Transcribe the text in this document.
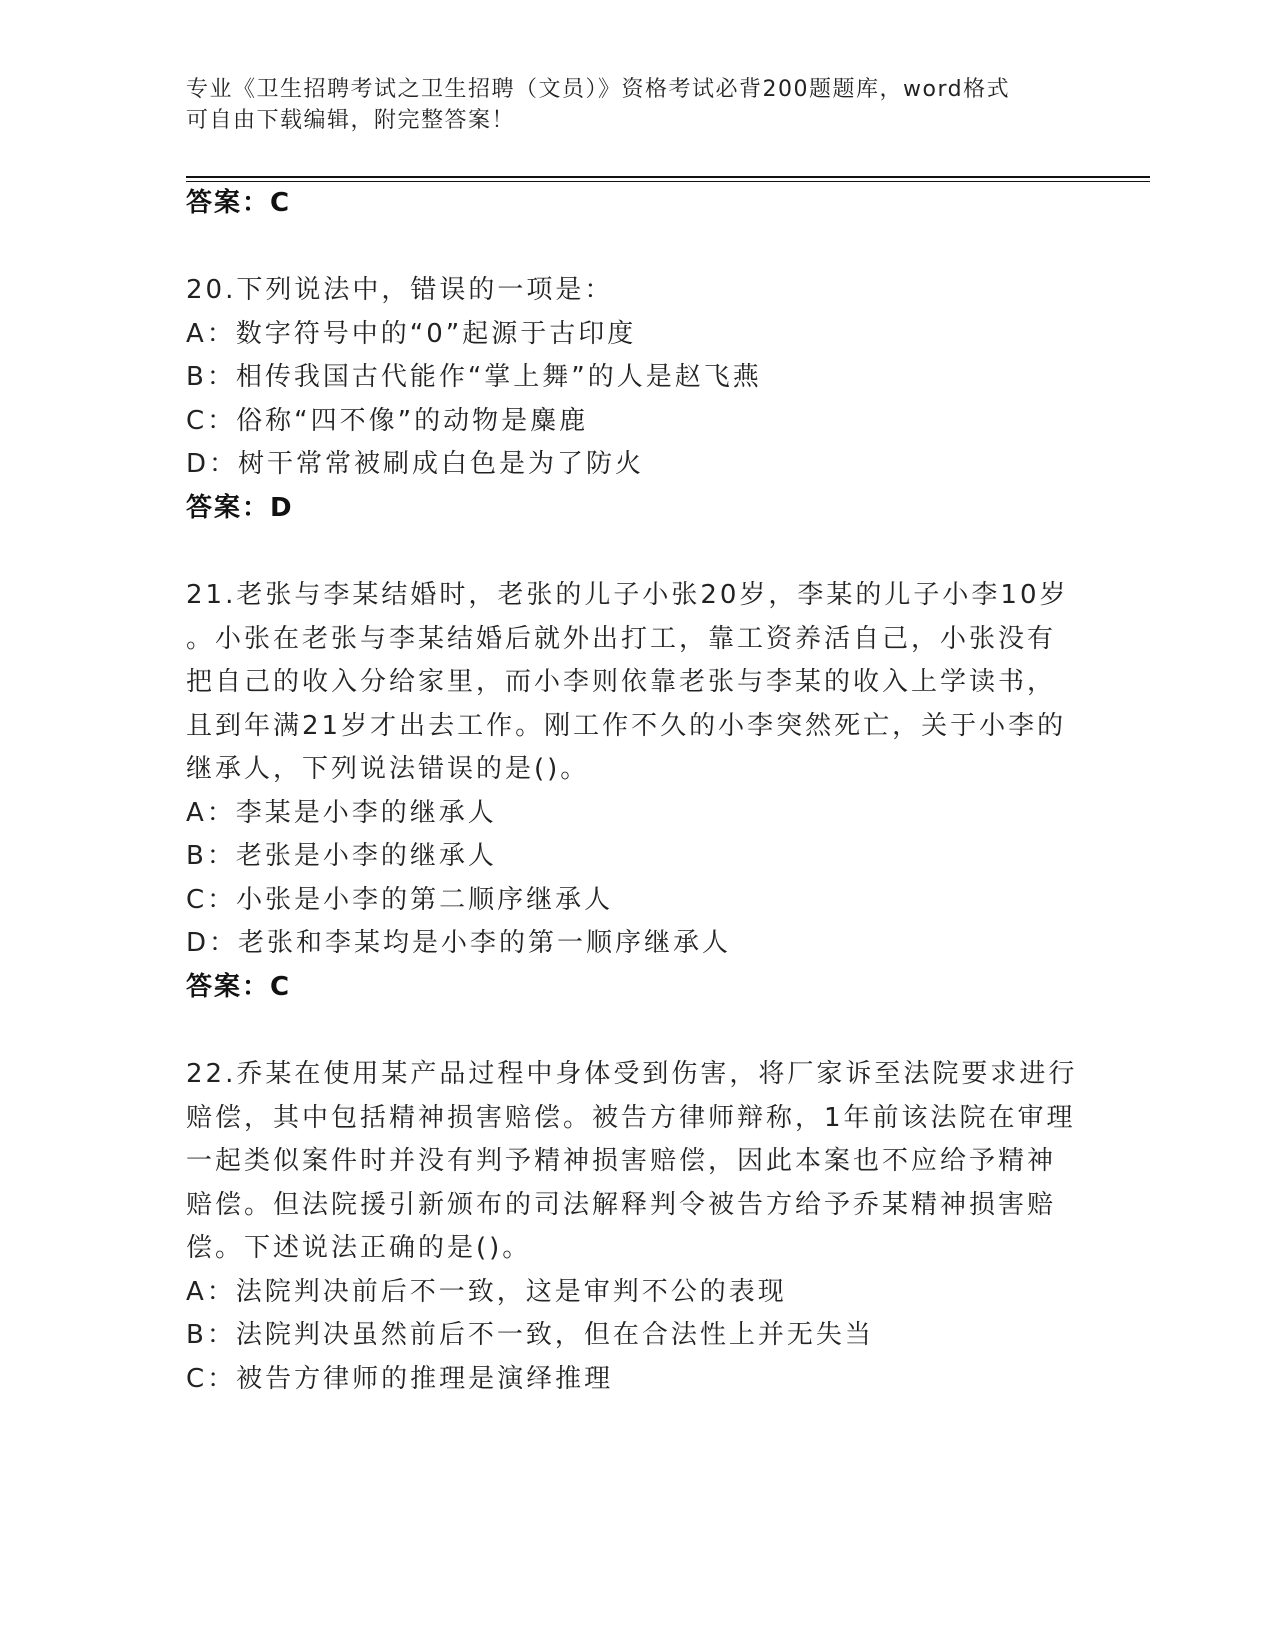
专业《卫生招聘考试之卫生招聘（文员）》资格考试必背200题题库，word格式
可自由下载编辑，附完整答案！
答案：C
20.下列说法中，错误的一项是：
A：数字符号中的“0”起源于古印度
B：相传我国古代能作“掌上舞”的人是赵飞燕
C：俗称“四不像”的动物是麋鹿
D：树干常常被刷成白色是为了防火
答案：D
21.老张与李某结婚时，老张的儿子小张20岁，李某的儿子小李10岁
。小张在老张与李某结婚后就外出打工，靠工资养活自己，小张没有
把自己的收入分给家里，而小李则依靠老张与李某的收入上学读书，
且到年满21岁才出去工作。刚工作不久的小李突然死亡，关于小李的
继承人，下列说法错误的是()。
A：李某是小李的继承人
B：老张是小李的继承人
C：小张是小李的第二顺序继承人
D：老张和李某均是小李的第一顺序继承人
答案：C
22.乔某在使用某产品过程中身体受到伤害，将厂家诉至法院要求进行
赔偿，其中包括精神损害赔偿。被告方律师辩称，1年前该法院在审理
一起类似案件时并没有判予精神损害赔偿，因此本案也不应给予精神
赔偿。但法院援引新颁布的司法解释判令被告方给予乔某精神损害赔
偿。下述说法正确的是()。
A：法院判决前后不一致，这是审判不公的表现
B：法院判决虽然前后不一致，但在合法性上并无失当
C：被告方律师的推理是演绎推理
